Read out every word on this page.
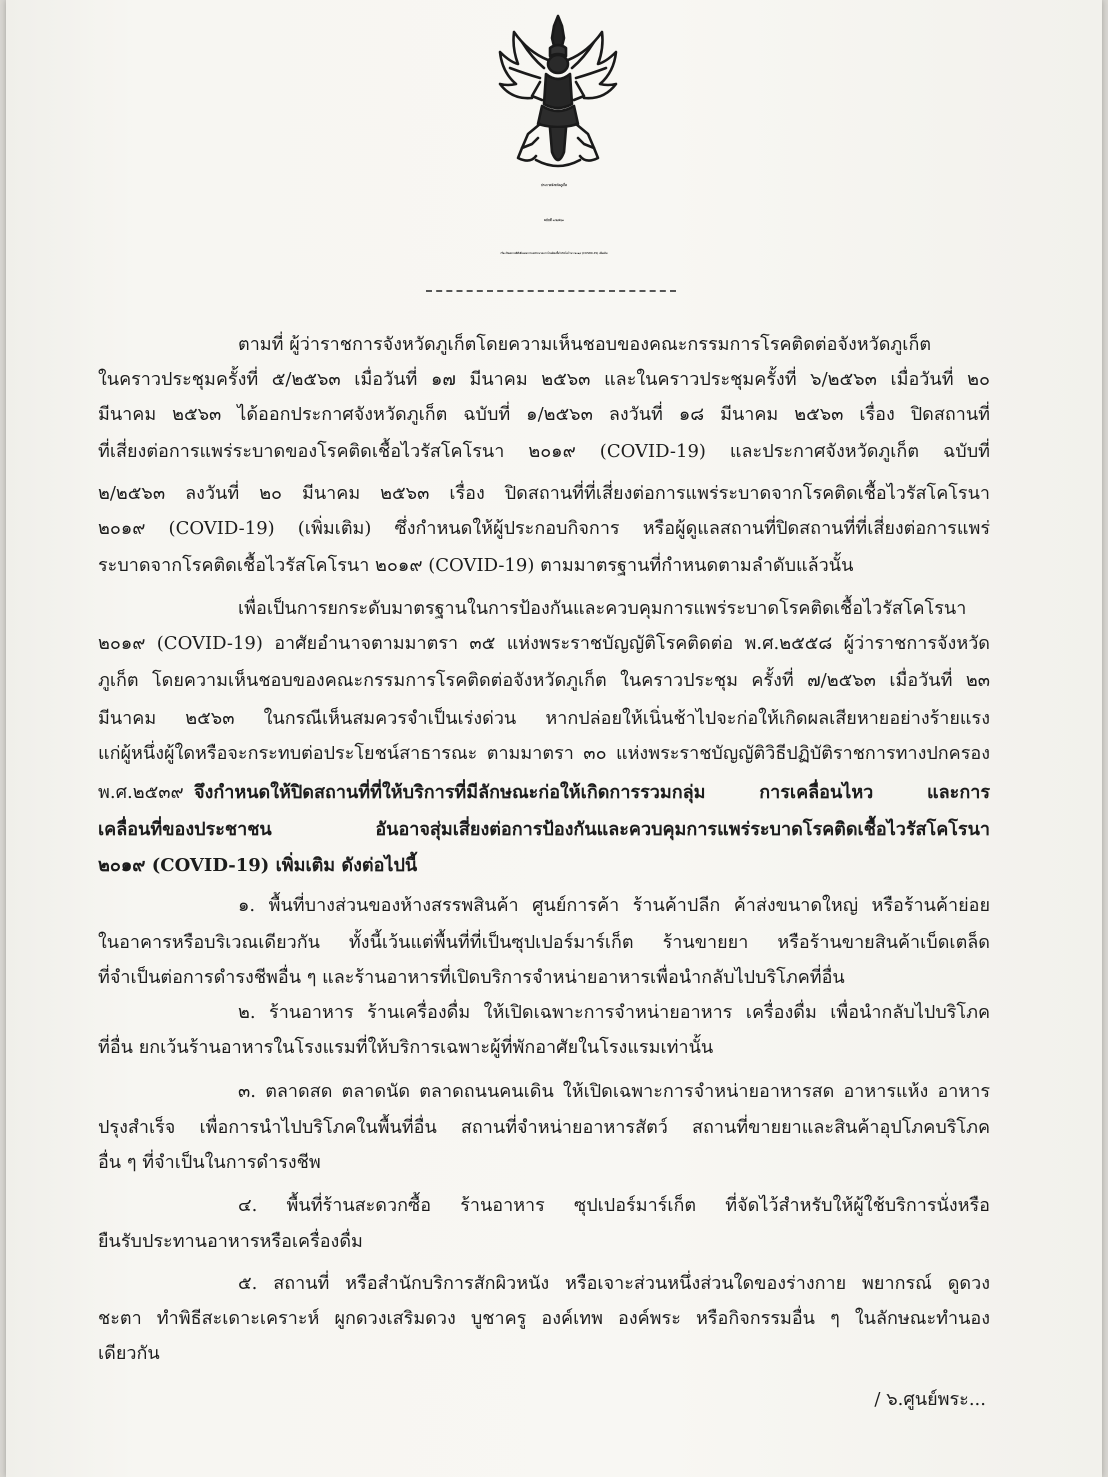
ประกาศจังหวัดภูเก็ต
ฉบับที่ ๓/๒๕๖๓
เรื่อง ปิดสถานที่ที่เสี่ยงต่อการแพร่ระบาดจากโรคติดเชื้อไวรัสโคโรนา ๒๐๑๙ (COVID-19) เพิ่มเติม
ตามที่ ผู้ว่าราชการจังหวัดภูเก็ตโดยความเห็นชอบของคณะกรรมการโรคติดต่อจังหวัดภูเก็ต
ในคราวประชุมครั้งที่ ๕/๒๕๖๓ เมื่อวันที่ ๑๗ มีนาคม ๒๕๖๓ และในคราวประชุมครั้งที่ ๖/๒๕๖๓ เมื่อวันที่ ๒๐
มีนาคม ๒๕๖๓ ได้ออกประกาศจังหวัดภูเก็ต ฉบับที่ ๑/๒๕๖๓ ลงวันที่ ๑๘ มีนาคม ๒๕๖๓ เรื่อง ปิดสถานที่
ที่เสี่ยงต่อการแพร่ระบาดของโรคติดเชื้อไวรัสโคโรนา ๒๐๑๙ (COVID-19) และประกาศจังหวัดภูเก็ต ฉบับที่
๒/๒๕๖๓ ลงวันที่ ๒๐ มีนาคม ๒๕๖๓ เรื่อง ปิดสถานที่ที่เสี่ยงต่อการแพร่ระบาดจากโรคติดเชื้อไวรัสโคโรนา
๒๐๑๙ (COVID-19) (เพิ่มเติม) ซึ่งกำหนดให้ผู้ประกอบกิจการ หรือผู้ดูแลสถานที่ปิดสถานที่ที่เสี่ยงต่อการแพร่
ระบาดจากโรคติดเชื้อไวรัสโคโรนา ๒๐๑๙ (COVID-19) ตามมาตรฐานที่กำหนดตามลำดับแล้วนั้น
เพื่อเป็นการยกระดับมาตรฐานในการป้องกันและควบคุมการแพร่ระบาดโรคติดเชื้อไวรัสโคโรนา
๒๐๑๙ (COVID-19) อาศัยอำนาจตามมาตรา ๓๕ แห่งพระราชบัญญัติโรคติดต่อ พ.ศ.๒๕๕๘ ผู้ว่าราชการจังหวัด
ภูเก็ต โดยความเห็นชอบของคณะกรรมการโรคติดต่อจังหวัดภูเก็ต ในคราวประชุม ครั้งที่ ๗/๒๕๖๓ เมื่อวันที่ ๒๓
มีนาคม ๒๕๖๓ ในกรณีเห็นสมควรจำเป็นเร่งด่วน หากปล่อยให้เนิ่นช้าไปจะก่อให้เกิดผลเสียหายอย่างร้ายแรง
แก่ผู้หนึ่งผู้ใดหรือจะกระทบต่อประโยชน์สาธารณะ ตามมาตรา ๓๐ แห่งพระราชบัญญัติวิธีปฏิบัติราชการทางปกครอง
พ.ศ.๒๕๓๙ จึงกำหนดให้ปิดสถานที่ที่ให้บริการที่มีลักษณะก่อให้เกิดการรวมกลุ่ม การเคลื่อนไหว และการ
เคลื่อนที่ของประชาชน อันอาจสุ่มเสี่ยงต่อการป้องกันและควบคุมการแพร่ระบาดโรคติดเชื้อไวรัสโคโรนา
๒๐๑๙ (COVID-19) เพิ่มเติม ดังต่อไปนี้
๑. พื้นที่บางส่วนของห้างสรรพสินค้า ศูนย์การค้า ร้านค้าปลีก ค้าส่งขนาดใหญ่ หรือร้านค้าย่อย
ในอาคารหรือบริเวณเดียวกัน ทั้งนี้เว้นแต่พื้นที่ที่เป็นซุปเปอร์มาร์เก็ต ร้านขายยา หรือร้านขายสินค้าเบ็ดเตล็ด
ที่จำเป็นต่อการดำรงชีพอื่น ๆ และร้านอาหารที่เปิดบริการจำหน่ายอาหารเพื่อนำกลับไปบริโภคที่อื่น
๒. ร้านอาหาร ร้านเครื่องดื่ม ให้เปิดเฉพาะการจำหน่ายอาหาร เครื่องดื่ม เพื่อนำกลับไปบริโภค
ที่อื่น ยกเว้นร้านอาหารในโรงแรมที่ให้บริการเฉพาะผู้ที่พักอาศัยในโรงแรมเท่านั้น
๓. ตลาดสด ตลาดนัด ตลาดถนนคนเดิน ให้เปิดเฉพาะการจำหน่ายอาหารสด อาหารแห้ง อาหาร
ปรุงสำเร็จ เพื่อการนำไปบริโภคในพื้นที่อื่น สถานที่จำหน่ายอาหารสัตว์ สถานที่ขายยาและสินค้าอุปโภคบริโภค
อื่น ๆ ที่จำเป็นในการดำรงชีพ
๔. พื้นที่ร้านสะดวกซื้อ ร้านอาหาร ซุปเปอร์มาร์เก็ต ที่จัดไว้สำหรับให้ผู้ใช้บริการนั่งหรือ
ยืนรับประทานอาหารหรือเครื่องดื่ม
๕. สถานที่ หรือสำนักบริการสักผิวหนัง หรือเจาะส่วนหนึ่งส่วนใดของร่างกาย พยากรณ์ ดูดวง
ชะตา ทำพิธีสะเดาะเคราะห์ ผูกดวงเสริมดวง บูชาครู องค์เทพ องค์พระ หรือกิจกรรมอื่น ๆ ในลักษณะทำนอง
เดียวกัน
/ ๖.ศูนย์พระ...
